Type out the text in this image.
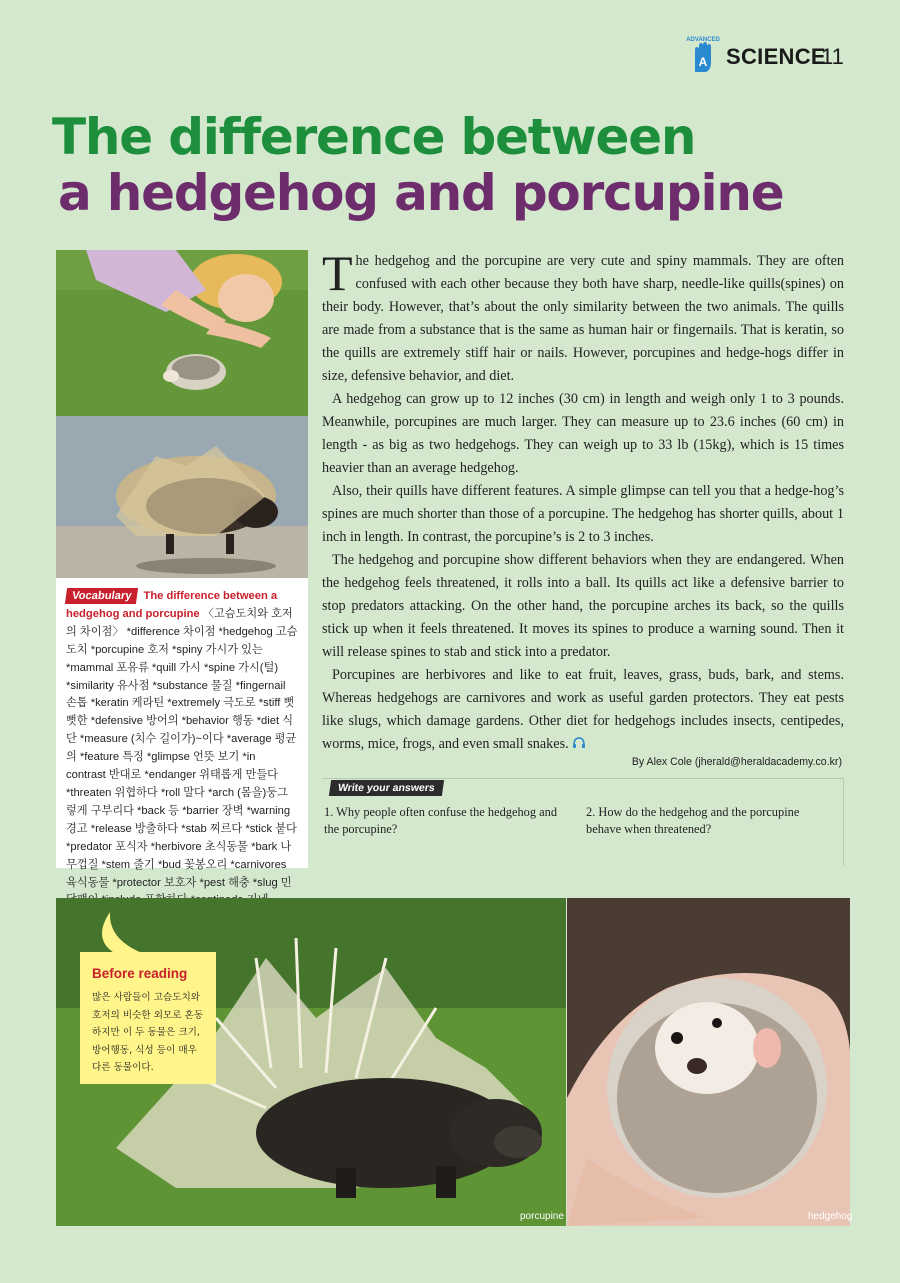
ADVANCED
A SCIENCE
11
The difference between
a hedgehog and porcupine

Vocabulary The difference between a hedgehog and porcupine 〈고슴도치와 호저의 차이점〉 *difference 차이점 *hedgehog 고슴도치 *porcupine 호저 *spiny 가시가 있는 *mammal 포유류 *quill 가시 *spine 가시(털) *similarity 유사점 *substance 물질 *fingernail 손톱 *keratin 케라틴 *extremely 극도로 *stiff 뻣뻣한 *defensive 방어의 *behavior 행동 *diet 식단 *measure (치수 길이가)~이다 *average 평균의 *feature 특징 *glimpse 언뜻 보기 *in contrast 반대로 *endanger 위태롭게 만들다 *threaten 위협하다 *roll 말다 *arch (몸을)둥그렇게 구부리다 *back 등 *barrier 장벽 *warning 경고 *release 방출하다 *stab 찌르다 *stick 붙다 *predator 포식자 *herbivore 초식동물 *bark 나무껍질 *stem 줄기 *bud 꽃봉오리 *carnivores 육식동물 *protector 보호자 *pest 해충 *slug 민

The hedgehog and the porcupine are very cute and spiny mammals. They are often confused with each other because they both have sharp, needle-like quills(spines) on their body. However, that’s about the only similarity between the two animals. The quills are made from a substance that is the same as human hair or fingernails. That is keratin, so the quills are extremely stiff hair or nails. However, porcupines and hedge-hogs differ in size, defensive behavior, and diet.

A hedgehog can grow up to 12 inches (30 cm) in length and weigh only 1 to 3 pounds. Meanwhile, porcupines are much larger. They can measure up to 23.6 inches (60 cm) in length - as big as two hedgehogs. They can weigh up to 33 lb (15kg), which is 15 times heavier than an average hedgehog.

Also, their quills have different features. A simple glimpse can tell you that a hedge-hog’s spines are much shorter than those of a porcupine. The hedgehog has shorter quills, about 1 inch in length. In contrast, the porcupine’s is 2 to 3 inches.

The hedgehog and porcupine show different behaviors when they are endangered. When the hedgehog feels threatened, it rolls into a ball. Its quills act like a defensive barrier to stop predators attacking. On the other hand, the porcupine arches its back, so the quills stick up when it feels threatened. It moves its spines to produce a warning sound. Then it will release spines to stab and stick into a predator.

Porcupines are herbivores and like to eat fruit, leaves, grass, buds, bark, and stems. Whereas hedgehogs are carnivores and work as useful garden protectors. They eat pests like slugs, which damage gardens. Other diet for hedgehogs includes insects, centipedes, worms, mice, frogs, and even small snakes.

By Alex Cole (jherald@heraldacademy.co.kr)
Write your answers
1. Why people often confuse the hedgehog and the porcupine?
2. How do the hedgehog and the porcupine behave when threatened?
porcupine	hedgehog
Before reading
많은 사람들이 고슴도치와 호저의 비슷한 외모로 혼동하지만 이 두 동물은 크기, 방어행동, 식성 등이 매우 다른 동물이다.
